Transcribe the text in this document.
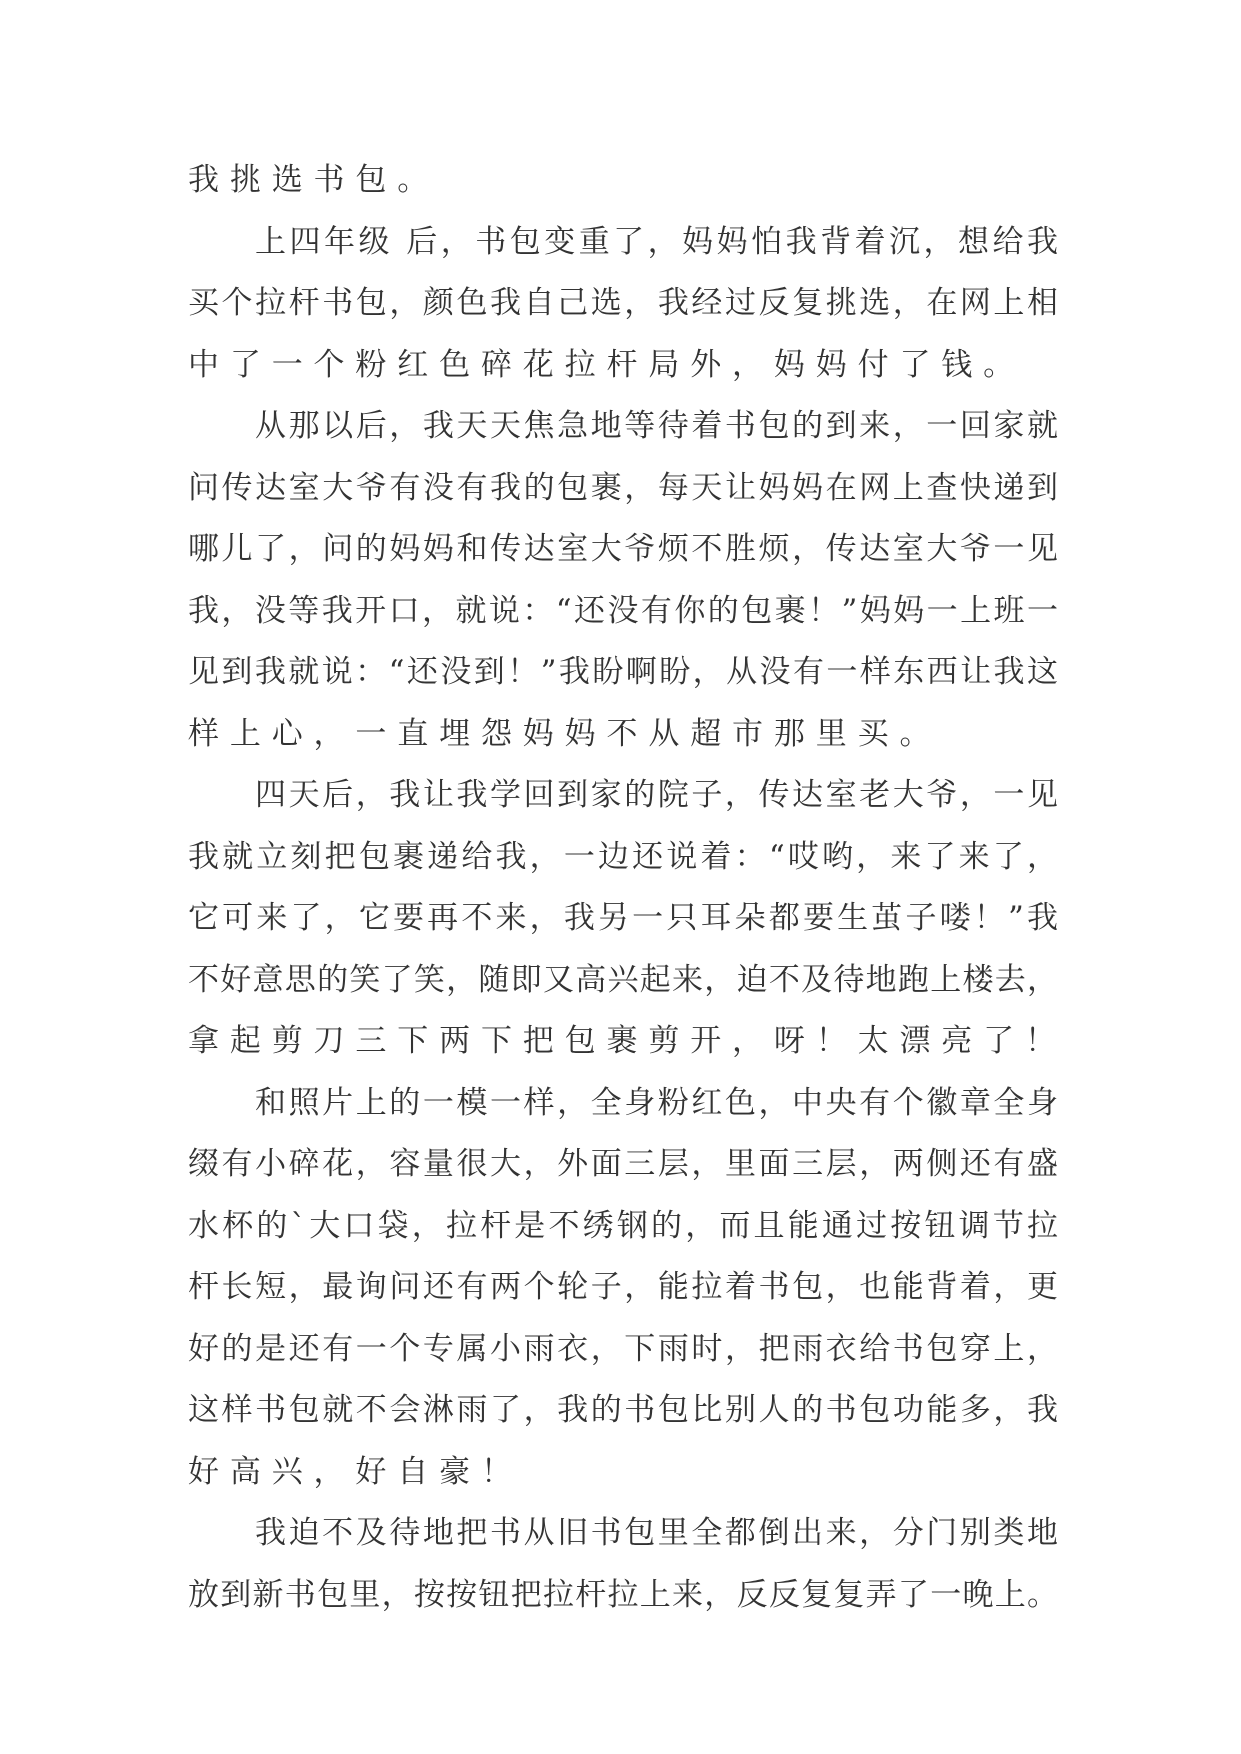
我挑选书包。
上四年级 后，书包变重了，妈妈怕我背着沉，想给我
买个拉杆书包，颜色我自己选，我经过反复挑选，在网上相
中了一个粉红色碎花拉杆局外，妈妈付了钱。
从那以后，我天天焦急地等待着书包的到来，一回家就
问传达室大爷有没有我的包裹，每天让妈妈在网上查快递到
哪儿了，问的妈妈和传达室大爷烦不胜烦，传达室大爷一见
我，没等我开口，就说：“还没有你的包裹！”妈妈一上班一
见到我就说：“还没到！”我盼啊盼，从没有一样东西让我这
样上心，一直埋怨妈妈不从超市那里买。
四天后，我让我学回到家的院子，传达室老大爷，一见
我就立刻把包裹递给我，一边还说着：“哎哟，来了来了，
它可来了，它要再不来，我另一只耳朵都要生茧子喽！”我
不好意思的笑了笑，随即又高兴起来，迫不及待地跑上楼去，
拿起剪刀三下两下把包裹剪开，呀！太漂亮了！
和照片上的一模一样，全身粉红色，中央有个徽章全身
缀有小碎花，容量很大，外面三层，里面三层，两侧还有盛
水杯的`大口袋，拉杆是不绣钢的，而且能通过按钮调节拉
杆长短，最询问还有两个轮子，能拉着书包，也能背着，更
好的是还有一个专属小雨衣，下雨时，把雨衣给书包穿上，
这样书包就不会淋雨了，我的书包比别人的书包功能多，我
好高兴，好自豪！
我迫不及待地把书从旧书包里全都倒出来，分门别类地
放到新书包里，按按钮把拉杆拉上来，反反复复弄了一晚上。
